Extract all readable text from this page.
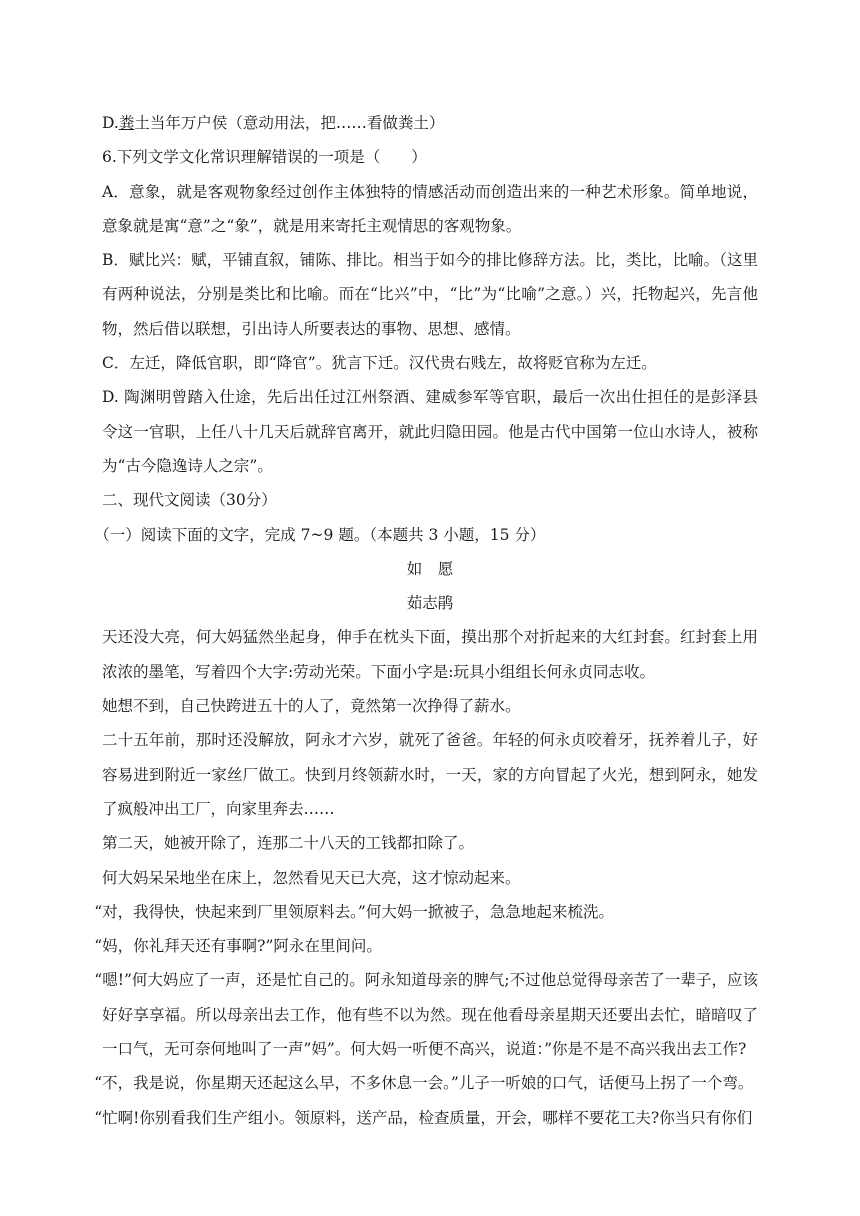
D.粪土当年万户侯（意动用法，把……看做粪土）

6.下列文学文化常识理解错误的一项是（　　）

A．意象，就是客观物象经过创作主体独特的情感活动而创造出来的一种艺术形象。简单地说，意象就是寓“意”之“象”，就是用来寄托主观情思的客观物象。

B．赋比兴：赋，平铺直叙，铺陈、排比。相当于如今的排比修辞方法。比，类比，比喻。（这里有两种说法，分别是类比和比喻。而在“比兴”中，“比”为“比喻”之意。）兴，托物起兴，先言他物，然后借以联想，引出诗人所要表达的事物、思想、感情。

C．左迁，降低官职，即“降官”。犹言下迁。汉代贵右贱左，故将贬官称为左迁。

D. 陶渊明曾踏入仕途，先后出任过江州祭酒、建威参军等官职，最后一次出仕担任的是彭泽县令这一官职，上任八十几天后就辞官离开，就此归隐田园。他是古代中国第一位山水诗人，被称为“古今隐逸诗人之宗”。

二、现代文阅读（30分）

（一）阅读下面的文字，完成 7~9 题。（本题共 3 小题，15 分）

如　愿
茹志鹃

天还没大亮，何大妈猛然坐起身，伸手在枕头下面，摸出那个对折起来的大红封套。红封套上用浓浓的墨笔，写着四个大字:劳动光荣。下面小字是:玩具小组组长何永贞同志收。

她想不到，自己快跨进五十的人了，竟然第一次挣得了薪水。

二十五年前，那时还没解放，阿永才六岁，就死了爸爸。年轻的何永贞咬着牙，抚养着儿子，好容易进到附近一家丝厂做工。快到月终领薪水时，一天，家的方向冒起了火光，想到阿永，她发了疯般冲出工厂，向家里奔去……

第二天，她被开除了，连那二十八天的工钱都扣除了。

何大妈呆呆地坐在床上，忽然看见天已大亮，这才惊动起来。

“对，我得快，快起来到厂里领原料去。”何大妈一掀被子，急急地起来梳洗。

“妈，你礼拜天还有事啊?”阿永在里间问。

“嗯!”何大妈应了一声，还是忙自己的。阿永知道母亲的脾气;不过他总觉得母亲苦了一辈子，应该好好享享福。所以母亲出去工作，他有些不以为然。现在他看母亲星期天还要出去忙，暗暗叹了一口气，无可奈何地叫了一声”妈”。何大妈一听便不高兴，说道：”你是不是不高兴我出去工作?

“不，我是说，你星期天还起这么早，不多休息一会。”儿子一听娘的口气，话便马上拐了一个弯。

“忙啊!你别看我们生产组小。领原料，送产品，检查质量，开会，哪样不要花工夫?你当只有你们
